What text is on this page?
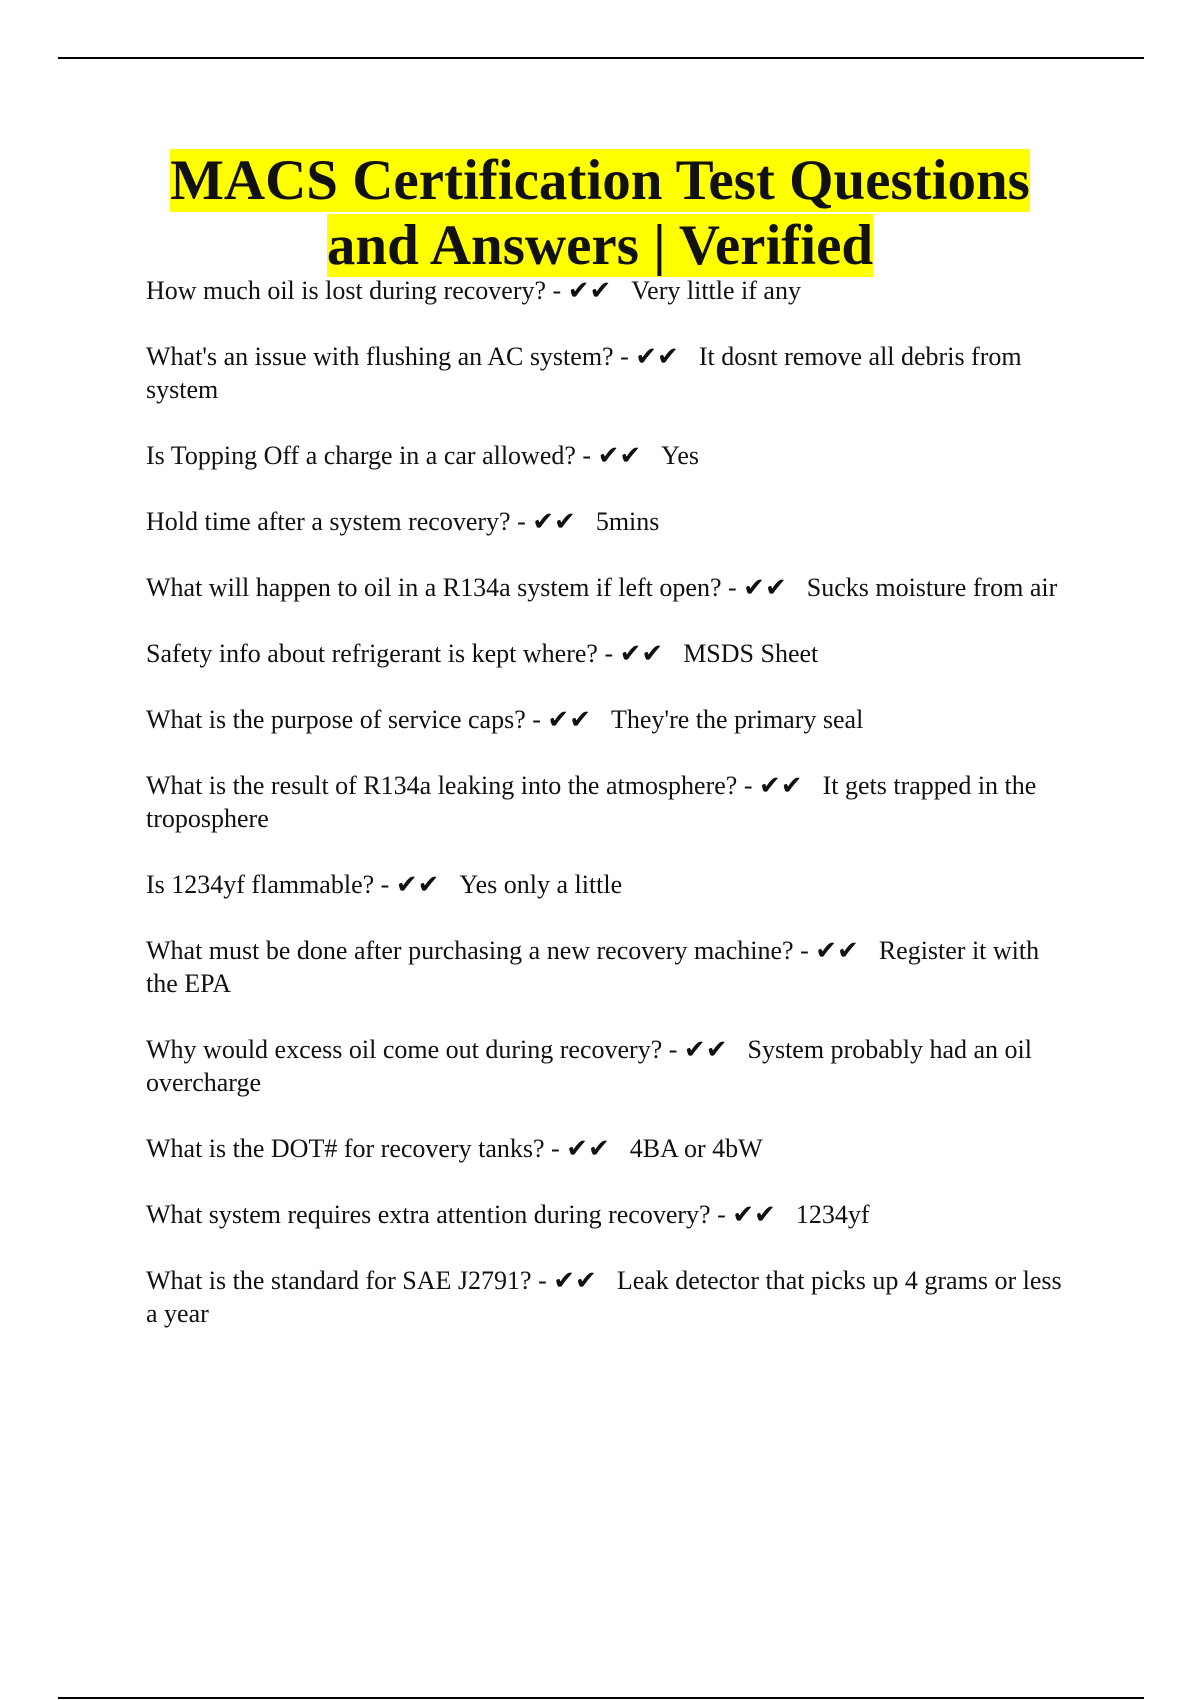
MACS Certification Test Questions
and Answers | Verified
How much oil is lost during recovery? - ✔✔ Very little if any
What's an issue with flushing an AC system? - ✔✔ It dosnt remove all debris from system
Is Topping Off a charge in a car allowed? - ✔✔ Yes
Hold time after a system recovery? - ✔✔ 5mins
What will happen to oil in a R134a system if left open? - ✔✔ Sucks moisture from air
Safety info about refrigerant is kept where? - ✔✔ MSDS Sheet
What is the purpose of service caps? - ✔✔ They're the primary seal
What is the result of R134a leaking into the atmosphere? - ✔✔ It gets trapped in the troposphere
Is 1234yf flammable? - ✔✔ Yes only a little
What must be done after purchasing a new recovery machine? - ✔✔ Register it with the EPA
Why would excess oil come out during recovery? - ✔✔ System probably had an oil overcharge
What is the DOT# for recovery tanks? - ✔✔ 4BA or 4bW
What system requires extra attention during recovery? - ✔✔ 1234yf
What is the standard for SAE J2791? - ✔✔ Leak detector that picks up 4 grams or less a year
